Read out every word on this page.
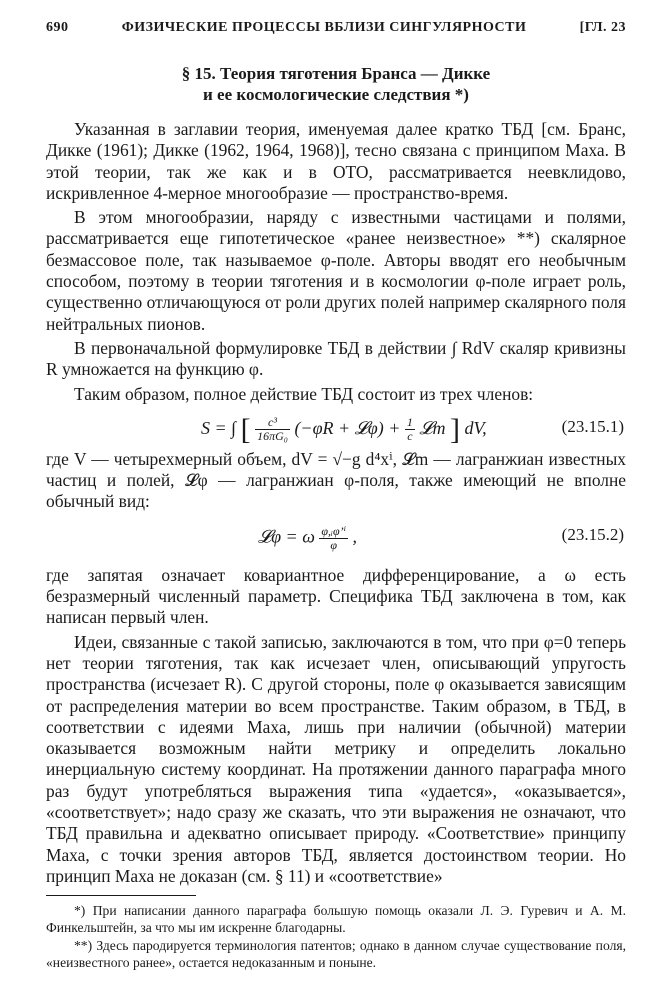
690	ФИЗИЧЕСКИЕ ПРОЦЕССЫ ВБЛИЗИ СИНГУЛЯРНОСТИ	[ГЛ. 23
§ 15. Теория тяготения Бранса — Дикке
и ее космологические следствия *)

Указанная в заглавии теория, именуемая далее кратко ТБД [см. Бранс, Дикке (1961); Дикке (1962, 1964, 1968)], тесно связана с принципом Маха. В этой теории, так же как и в ОТО, рассматривается неевклидово, искривленное 4-мерное многообразие — пространство-время.

В этом многообразии, наряду с известными частицами и полями, рассматривается еще гипотетическое «ранее неизвестное» **) скалярное безмассовое поле, так называемое φ-поле. Авторы вводят его необычным способом, поэтому в теории тяготения и в космологии φ-поле играет роль, существенно отличающуюся от роли других полей например скалярного поля нейтральных пионов.

В первоначальной формулировке ТБД в действии ∫ RdV скаляр кривизны R умножается на функцию φ.

Таким образом, полное действие ТБД состоит из трех членов:

S = ∫ [ $\frac{\text{c³}}{\text{16πG₀}} (-\varphi R$ + 𝓛φ) + $\frac{1}{c}$ 𝓛m ] dV,	(23.15.1)

где V — четырехмерный объем, dV = √−g d⁴xⁱ, 𝓛m — лагранжиан известных частиц и полей, 𝓛φ — лагранжиан φ-поля, также имеющий не вполне обычный вид:

𝓛φ = ω $\frac{\text{φ,ᵢφ’ⁱ}}{\varphi}$ ,	(23.15.2)

где запятая означает ковариантное дифференцирование, а ω есть безразмерный численный параметр. Специфика ТБД заключена в том, как написан первый член.

Идеи, связанные с такой записью, заключаются в том, что при φ=0 теперь нет теории тяготения, так как исчезает член, описывающий упругость пространства (исчезает R). С другой стороны, поле φ оказывается зависящим от распределения материи во всем пространстве. Таким образом, в ТБД, в соответствии с идеями Маха, лишь при наличии (обычной) материи оказывается возможным найти метрику и определить локально инерциальную систему координат. На протяжении данного параграфа много раз будут употребляться выражения типа «удается», «оказывается», «соответствует»; надо сразу же сказать, что эти выражения не означают, что ТБД правильна и адекватно описывает природу. «Соответствие» принципу Маха, с точки зрения авторов ТБД, является достоинством теории. Но принцип Маха не доказан (см. § 11) и «соответствие»

*) При написании данного параграфа большую помощь оказали Л. Э. Гуревич и А. М. Финкельштейн, за что мы им искренне благодарны.
**) Здесь пародируется терминология патентов; однако в данном случае существование поля, «неизвестного ранее», остается недоказанным и поныне.
